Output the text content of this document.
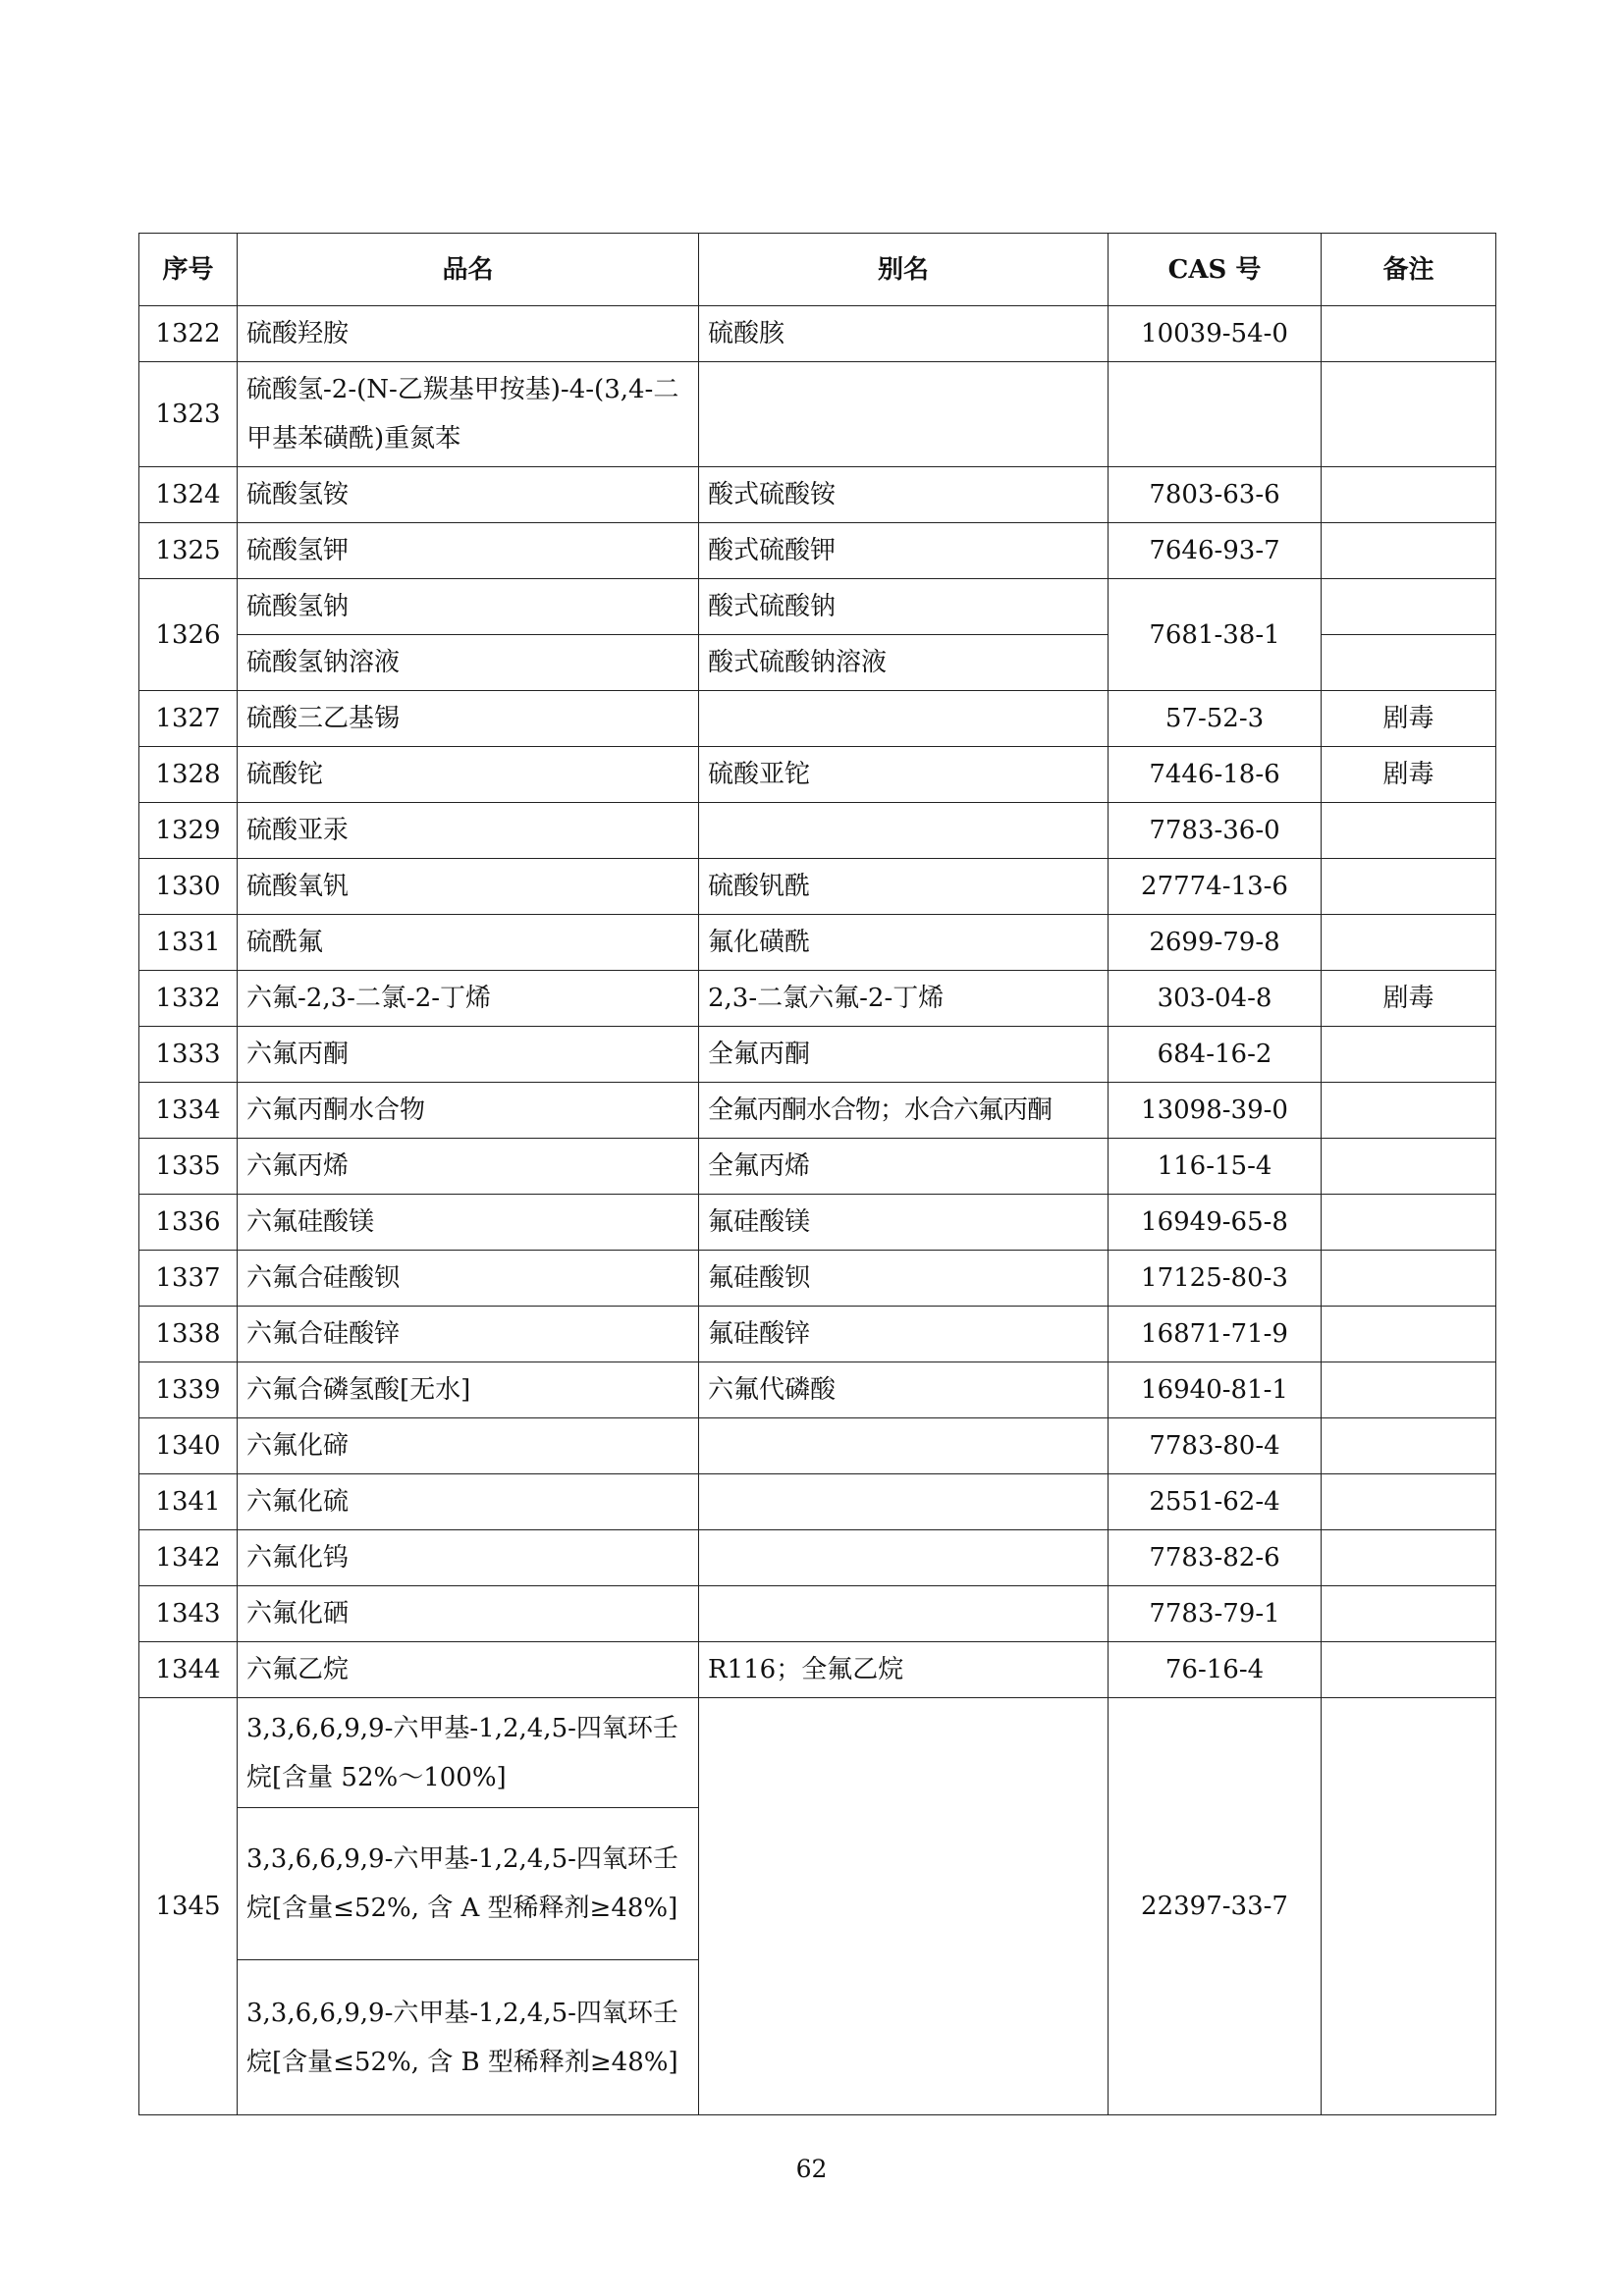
序号	品名	别名	CAS 号	备注
1322	硫酸羟胺	硫酸胲	10039-54-0	
1323	硫酸氢-2-(N-乙羰基甲按基)-4-(3,4-二甲基苯磺酰)重氮苯			
1324	硫酸氢铵	酸式硫酸铵	7803-63-6	
1325	硫酸氢钾	酸式硫酸钾	7646-93-7	
1326	硫酸氢钠	酸式硫酸钠	7681-38-1	
	硫酸氢钠溶液	酸式硫酸钠溶液		
1327	硫酸三乙基锡		57-52-3	剧毒
1328	硫酸铊	硫酸亚铊	7446-18-6	剧毒
1329	硫酸亚汞		7783-36-0	
1330	硫酸氧钒	硫酸钒酰	27774-13-6	
1331	硫酰氟	氟化磺酰	2699-79-8	
1332	六氟-2,3-二氯-2-丁烯	2,3-二氯六氟-2-丁烯	303-04-8	剧毒
1333	六氟丙酮	全氟丙酮	684-16-2	
1334	六氟丙酮水合物	全氟丙酮水合物；水合六氟丙酮	13098-39-0	
1335	六氟丙烯	全氟丙烯	116-15-4	
1336	六氟硅酸镁	氟硅酸镁	16949-65-8	
1337	六氟合硅酸钡	氟硅酸钡	17125-80-3	
1338	六氟合硅酸锌	氟硅酸锌	16871-71-9	
1339	六氟合磷氢酸[无水]	六氟代磷酸	16940-81-1	
1340	六氟化碲		7783-80-4	
1341	六氟化硫		2551-62-4	
1342	六氟化钨		7783-82-6	
1343	六氟化硒		7783-79-1	
1344	六氟乙烷	R116；全氟乙烷	76-16-4	
1345	3,3,6,6,9,9-六甲基-1,2,4,5-四氧环壬烷[含量 52%～100%]		22397-33-7	
	3,3,6,6,9,9-六甲基-1,2,4,5-四氧环壬烷[含量≤52%, 含 A 型稀释剂≥48%]			
	3,3,6,6,9,9-六甲基-1,2,4,5-四氧环壬烷[含量≤52%, 含 B 型稀释剂≥48%]			
62
